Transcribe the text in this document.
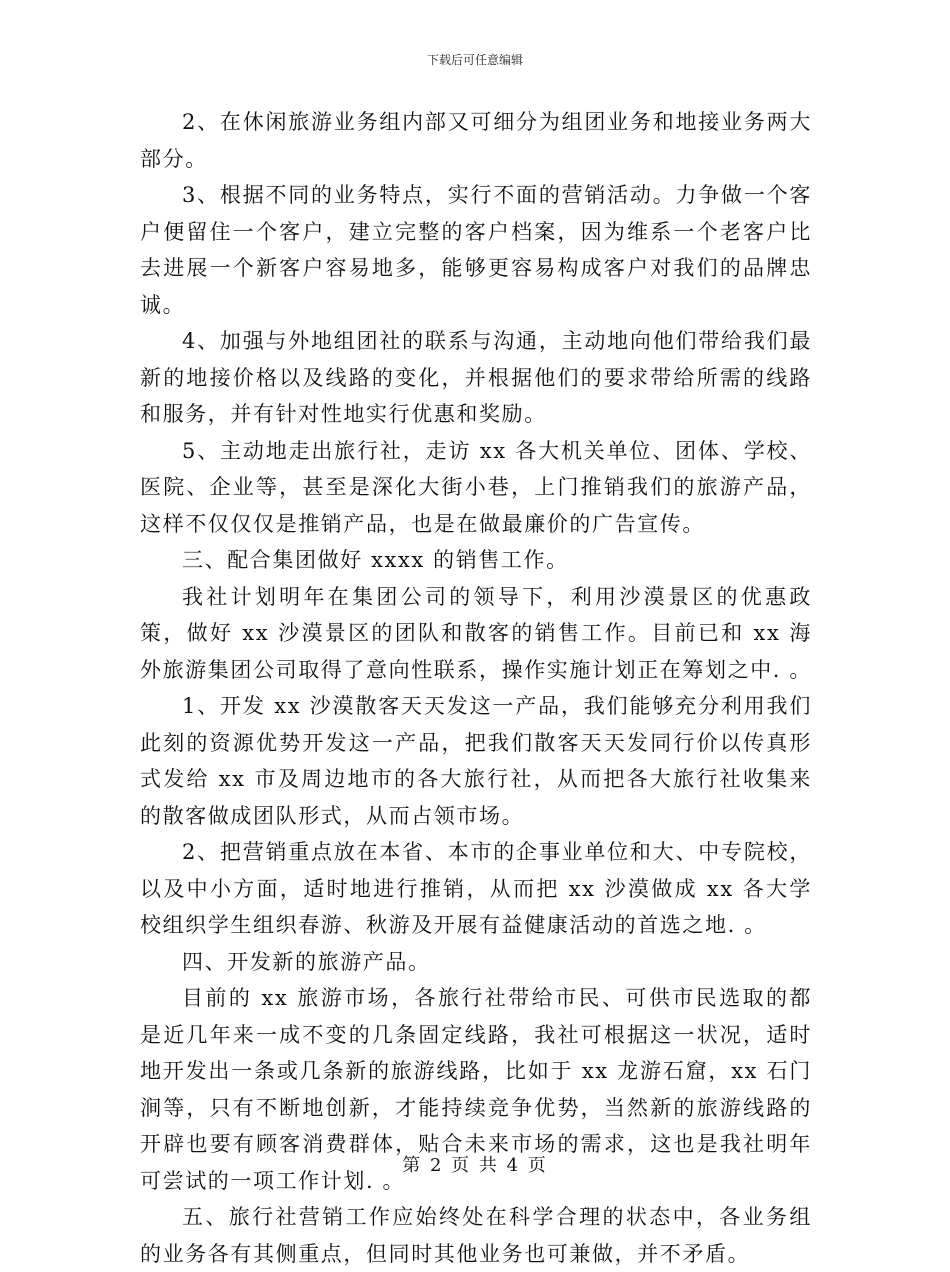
下载后可任意编辑

2、在休闲旅游业务组内部又可细分为组团业务和地接业务两大部分。

3、根据不同的业务特点，实行不面的营销活动。力争做一个客户便留住一个客户，建立完整的客户档案，因为维系一个老客户比去进展一个新客户容易地多，能够更容易构成客户对我们的品牌忠诚。

4、加强与外地组团社的联系与沟通，主动地向他们带给我们最新的地接价格以及线路的变化，并根据他们的要求带给所需的线路和服务，并有针对性地实行优惠和奖励。

5、主动地走出旅行社，走访 xx 各大机关单位、团体、学校、医院、企业等，甚至是深化大街小巷，上门推销我们的旅游产品，这样不仅仅仅是推销产品，也是在做最廉价的广告宣传。

三、配合集团做好 xxxx 的销售工作。

我社计划明年在集团公司的领导下，利用沙漠景区的优惠政策，做好 xx 沙漠景区的团队和散客的销售工作。目前已和 xx 海外旅游集团公司取得了意向性联系，操作实施计划正在筹划之中. 。

1、开发 xx 沙漠散客天天发这一产品，我们能够充分利用我们此刻的资源优势开发这一产品，把我们散客天天发同行价以传真形式发给 xx 市及周边地市的各大旅行社，从而把各大旅行社收集来的散客做成团队形式，从而占领市场。

2、把营销重点放在本省、本市的企事业单位和大、中专院校，以及中小方面，适时地进行推销，从而把 xx 沙漠做成 xx 各大学校组织学生组织春游、秋游及开展有益健康活动的首选之地. 。

四、开发新的旅游产品。

目前的 xx 旅游市场，各旅行社带给市民、可供市民选取的都是近几年来一成不变的几条固定线路，我社可根据这一状况，适时地开发出一条或几条新的旅游线路，比如于 xx 龙游石窟，xx 石门涧等，只有不断地创新，才能持续竞争优势，当然新的旅游线路的开辟也要有顾客消费群体，贴合未来市场的需求，这也是我社明年可尝试的一项工作计划. 。

五、旅行社营销工作应始终处在科学合理的状态中，各业务组的业务各有其侧重点，但同时其他业务也可兼做，并不矛盾。

第 2 页 共 4 页
